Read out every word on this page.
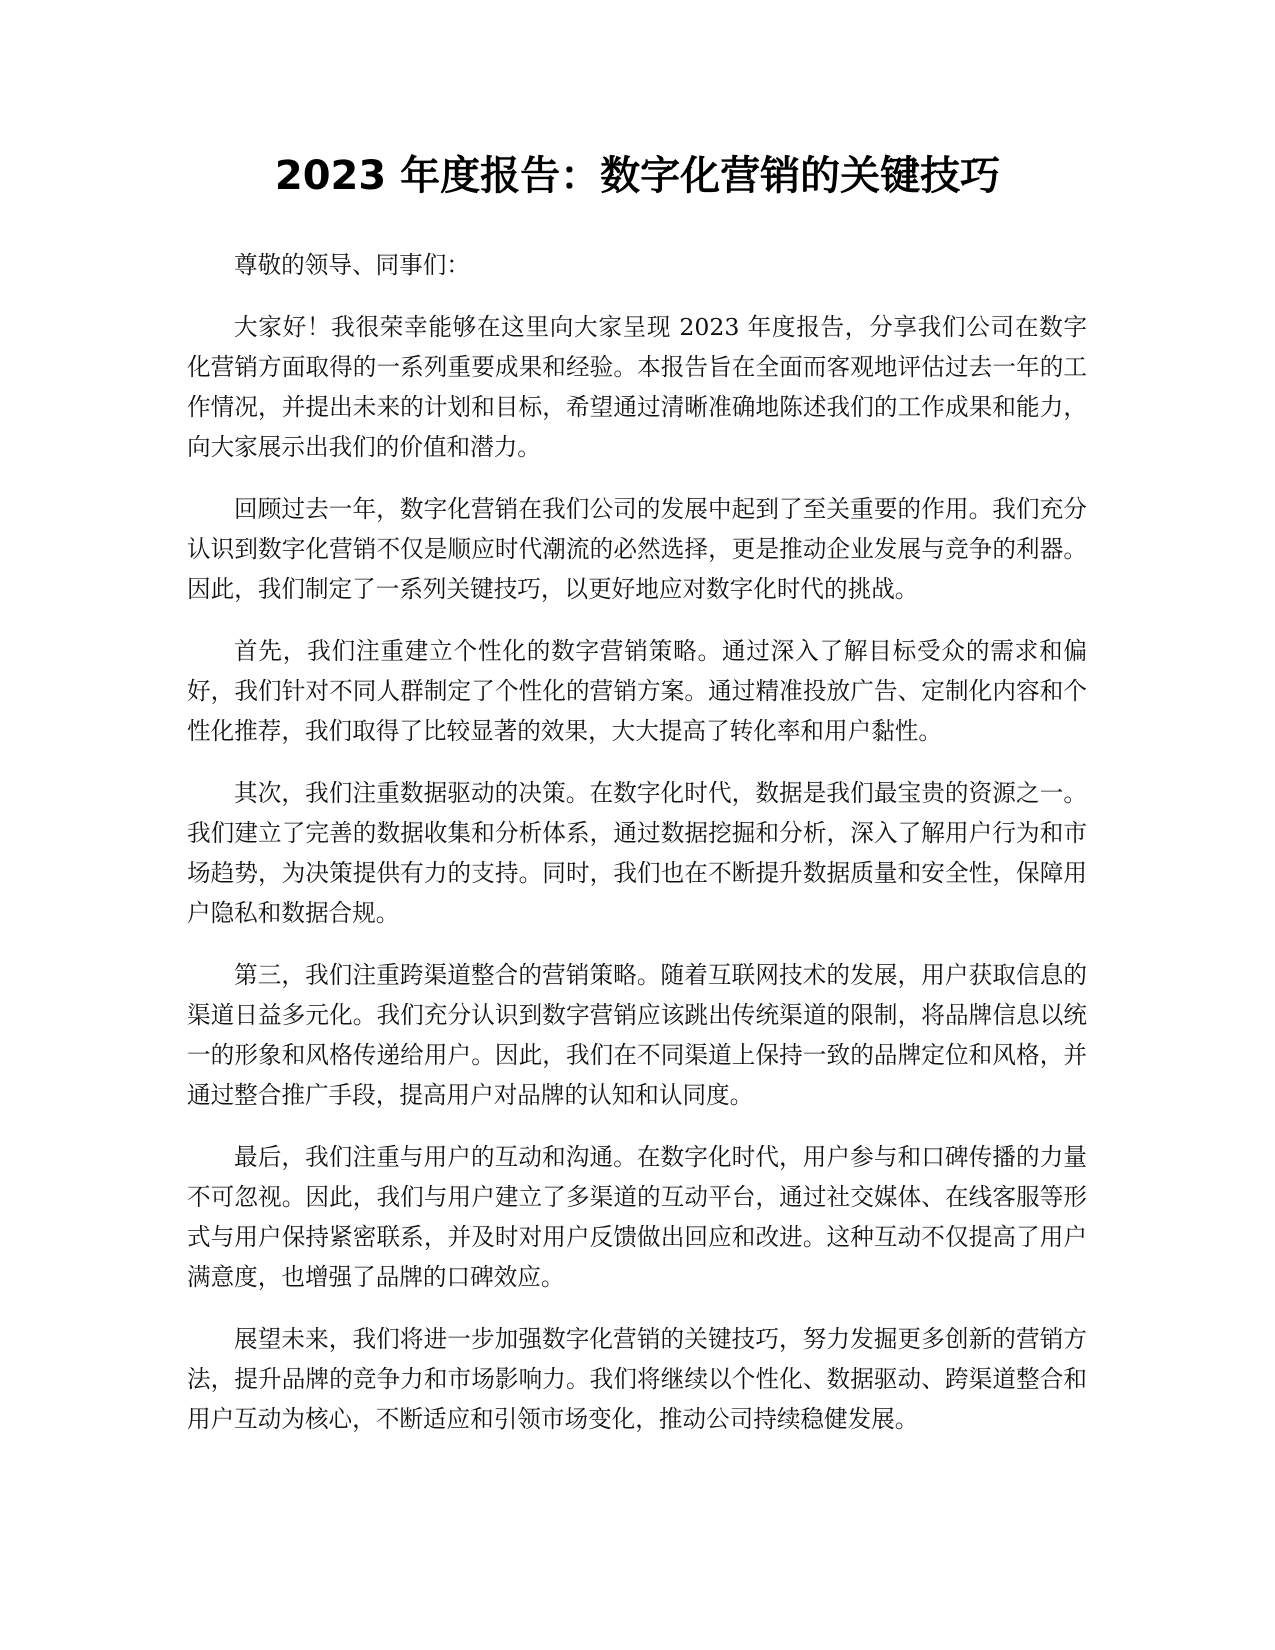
2023 年度报告：数字化营销的关键技巧

尊敬的领导、同事们：

大家好！我很荣幸能够在这里向大家呈现 2023 年度报告，分享我们公司在数字化营销方面取得的一系列重要成果和经验。本报告旨在全面而客观地评估过去一年的工作情况，并提出未来的计划和目标，希望通过清晰准确地陈述我们的工作成果和能力，向大家展示出我们的价值和潜力。

回顾过去一年，数字化营销在我们公司的发展中起到了至关重要的作用。我们充分认识到数字化营销不仅是顺应时代潮流的必然选择，更是推动企业发展与竞争的利器。因此，我们制定了一系列关键技巧，以更好地应对数字化时代的挑战。

首先，我们注重建立个性化的数字营销策略。通过深入了解目标受众的需求和偏好，我们针对不同人群制定了个性化的营销方案。通过精准投放广告、定制化内容和个性化推荐，我们取得了比较显著的效果，大大提高了转化率和用户黏性。

其次，我们注重数据驱动的决策。在数字化时代，数据是我们最宝贵的资源之一。我们建立了完善的数据收集和分析体系，通过数据挖掘和分析，深入了解用户行为和市场趋势，为决策提供有力的支持。同时，我们也在不断提升数据质量和安全性，保障用户隐私和数据合规。

第三，我们注重跨渠道整合的营销策略。随着互联网技术的发展，用户获取信息的渠道日益多元化。我们充分认识到数字营销应该跳出传统渠道的限制，将品牌信息以统一的形象和风格传递给用户。因此，我们在不同渠道上保持一致的品牌定位和风格，并通过整合推广手段，提高用户对品牌的认知和认同度。

最后，我们注重与用户的互动和沟通。在数字化时代，用户参与和口碑传播的力量不可忽视。因此，我们与用户建立了多渠道的互动平台，通过社交媒体、在线客服等形式与用户保持紧密联系，并及时对用户反馈做出回应和改进。这种互动不仅提高了用户满意度，也增强了品牌的口碑效应。

展望未来，我们将进一步加强数字化营销的关键技巧，努力发掘更多创新的营销方法，提升品牌的竞争力和市场影响力。我们将继续以个性化、数据驱动、跨渠道整合和用户互动为核心，不断适应和引领市场变化，推动公司持续稳健发展。
